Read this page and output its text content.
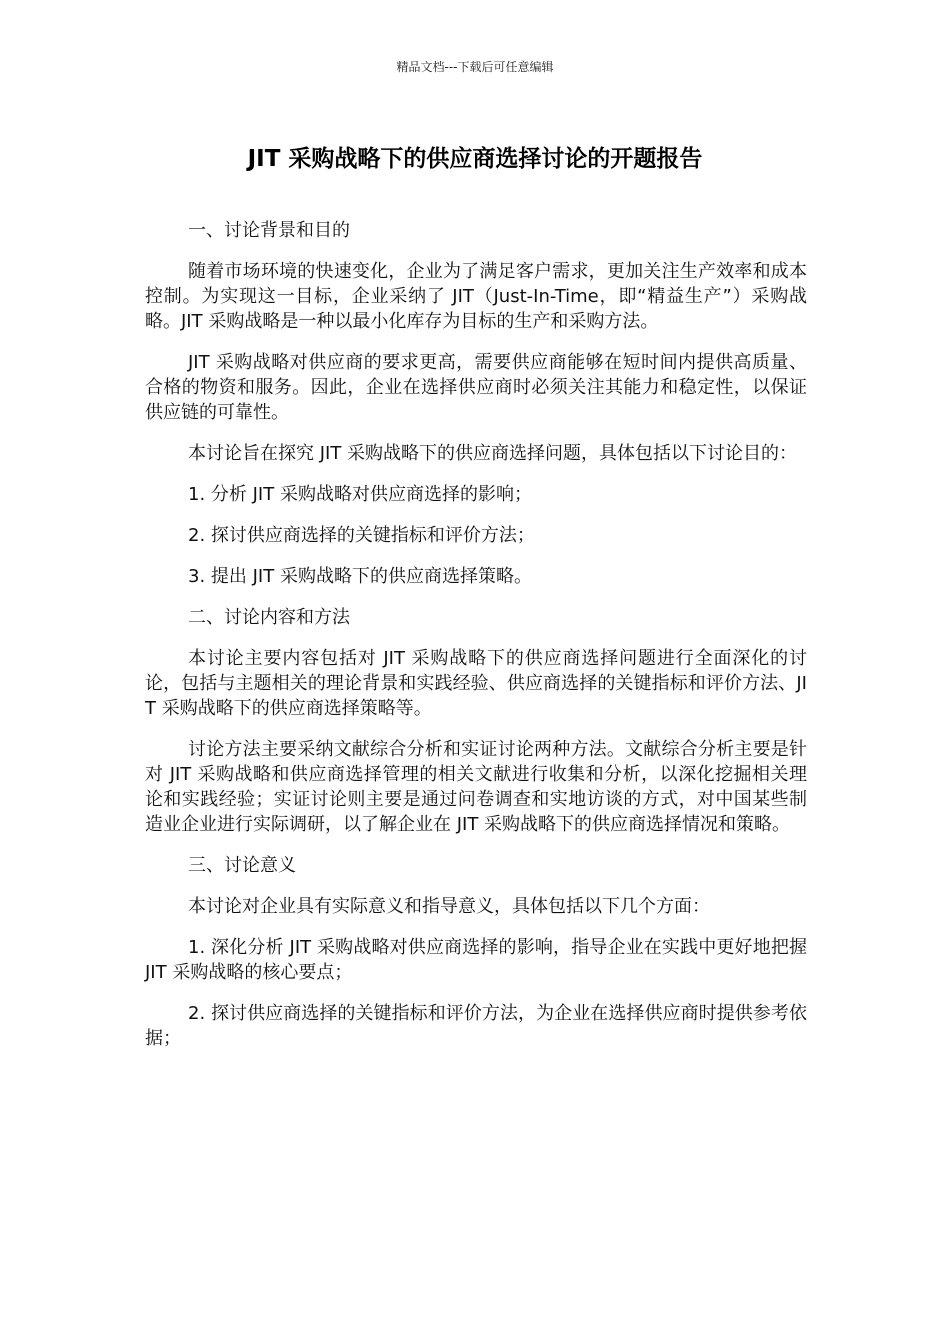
精品文档---下载后可任意编辑
JIT 采购战略下的供应商选择讨论的开题报告

一、讨论背景和目的

随着市场环境的快速变化，企业为了满足客户需求，更加关注生产效率和成本控制。为实现这一目标，企业采纳了 JIT（Just-In-Time，即“精益生产”）采购战略。JIT 采购战略是一种以最小化库存为目标的生产和采购方法。

JIT 采购战略对供应商的要求更高，需要供应商能够在短时间内提供高质量、合格的物资和服务。因此，企业在选择供应商时必须关注其能力和稳定性，以保证供应链的可靠性。

本讨论旨在探究 JIT 采购战略下的供应商选择问题，具体包括以下讨论目的：

1. 分析 JIT 采购战略对供应商选择的影响；

2. 探讨供应商选择的关键指标和评价方法；

3. 提出 JIT 采购战略下的供应商选择策略。

二、讨论内容和方法

本讨论主要内容包括对 JIT 采购战略下的供应商选择问题进行全面深化的讨论，包括与主题相关的理论背景和实践经验、供应商选择的关键指标和评价方法、JIT 采购战略下的供应商选择策略等。

讨论方法主要采纳文献综合分析和实证讨论两种方法。文献综合分析主要是针对 JIT 采购战略和供应商选择管理的相关文献进行收集和分析，以深化挖掘相关理论和实践经验；实证讨论则主要是通过问卷调查和实地访谈的方式，对中国某些制造业企业进行实际调研，以了解企业在 JIT 采购战略下的供应商选择情况和策略。

三、讨论意义

本讨论对企业具有实际意义和指导意义，具体包括以下几个方面：

1. 深化分析 JIT 采购战略对供应商选择的影响，指导企业在实践中更好地把握 JIT 采购战略的核心要点；

2. 探讨供应商选择的关键指标和评价方法，为企业在选择供应商时提供参考依据；
